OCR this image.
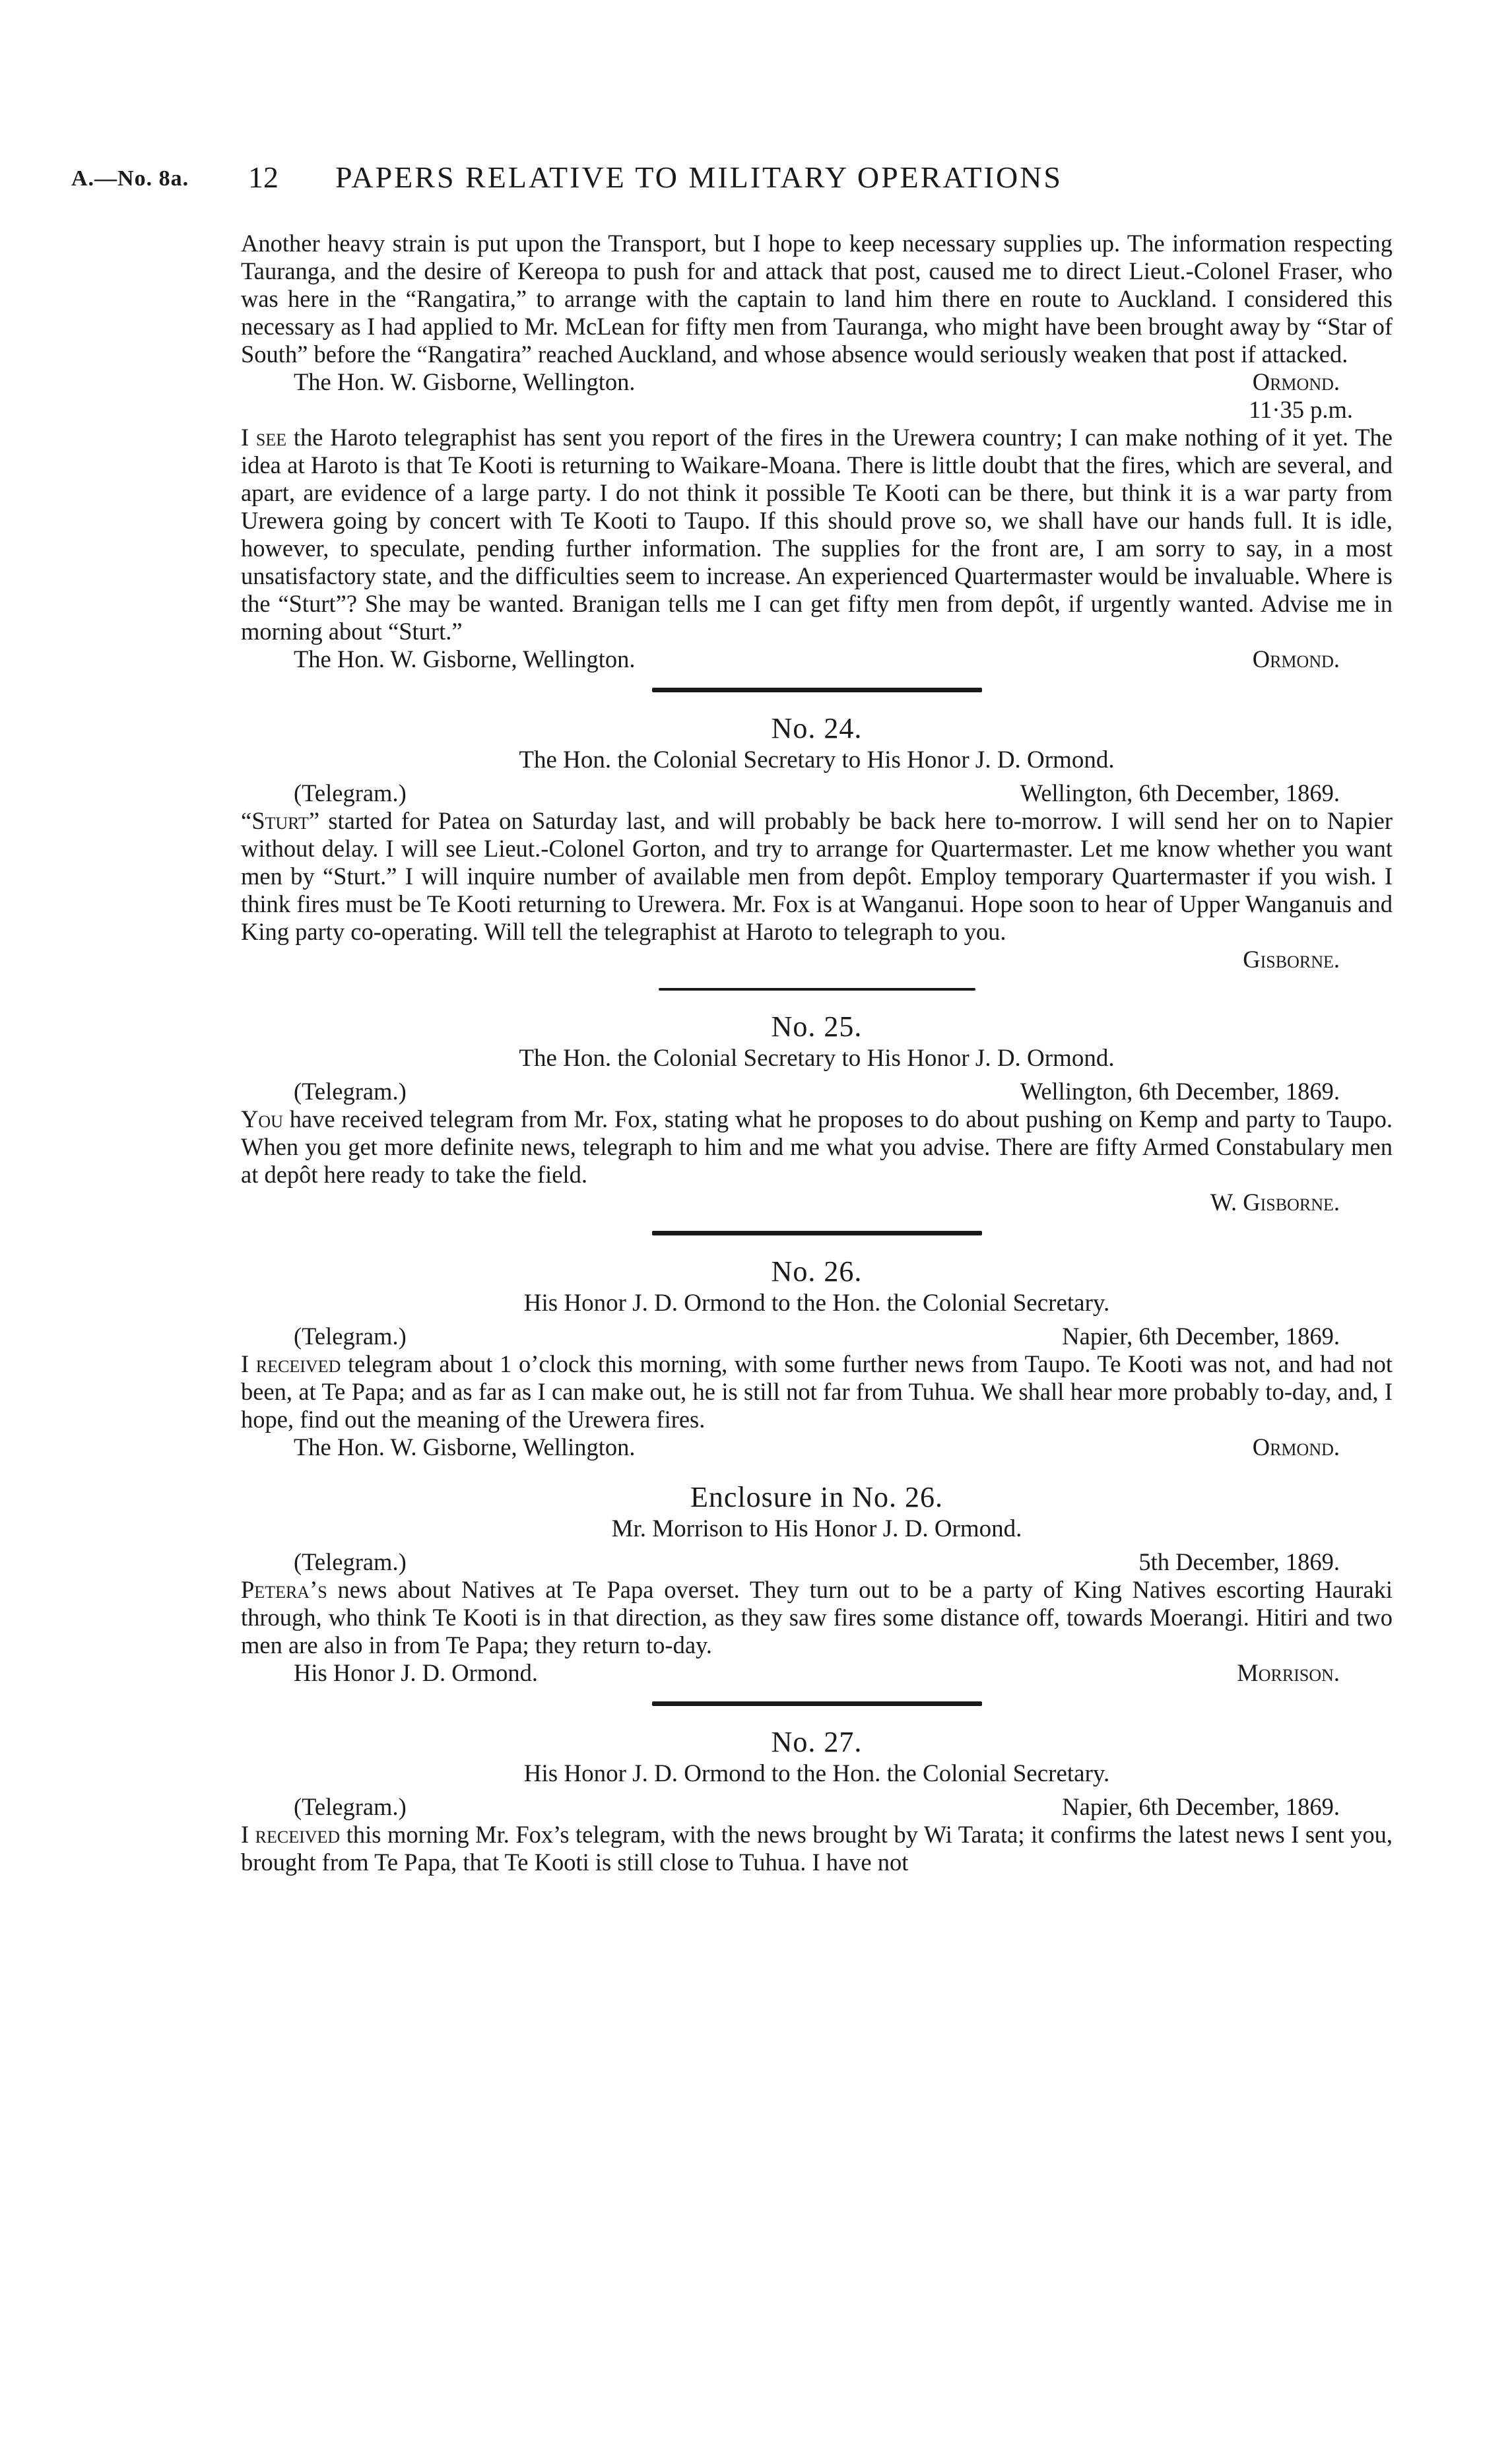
A.—No. 8a. 12 PAPERS RELATIVE TO MILITARY OPERATIONS

Another heavy strain is put upon the Transport, but I hope to keep necessary supplies up. The information respecting Tauranga, and the desire of Kereopa to push for and attack that post, caused me to direct Lieut.-Colonel Fraser, who was here in the “Rangatira,” to arrange with the captain to land him there en route to Auckland. I considered this necessary as I had applied to Mr. McLean for fifty men from Tauranga, who might have been brought away by “Star of South” before the “Rangatira” reached Auckland, and whose absence would seriously weaken that post if attacked.

The Hon. W. Gisborne, Wellington.	Ormond.
11·35 p.m.

I see the Haroto telegraphist has sent you report of the fires in the Urewera country; I can make nothing of it yet. The idea at Haroto is that Te Kooti is returning to Waikare-Moana. There is little doubt that the fires, which are several, and apart, are evidence of a large party. I do not think it possible Te Kooti can be there, but think it is a war party from Urewera going by concert with Te Kooti to Taupo. If this should prove so, we shall have our hands full. It is idle, however, to speculate, pending further information. The supplies for the front are, I am sorry to say, in a most unsatisfactory state, and the difficulties seem to increase. An experienced Quartermaster would be invaluable. Where is the “Sturt”? She may be wanted. Branigan tells me I can get fifty men from depôt, if urgently wanted. Advise me in morning about “Sturt.”

The Hon. W. Gisborne, Wellington.	Ormond.
No. 24.
The Hon. the Colonial Secretary to His Honor J. D. Ormond.
(Telegram.)	Wellington, 6th December, 1869.

“Sturt” started for Patea on Saturday last, and will probably be back here to-morrow. I will send her on to Napier without delay. I will see Lieut.-Colonel Gorton, and try to arrange for Quartermaster. Let me know whether you want men by “Sturt.” I will inquire number of available men from depôt. Employ temporary Quartermaster if you wish. I think fires must be Te Kooti returning to Urewera. Mr. Fox is at Wanganui. Hope soon to hear of Upper Wanganuis and King party co-operating. Will tell the telegraphist at Haroto to telegraph to you.

Gisborne.
No. 25.
The Hon. the Colonial Secretary to His Honor J. D. Ormond.
(Telegram.)	Wellington, 6th December, 1869.

You have received telegram from Mr. Fox, stating what he proposes to do about pushing on Kemp and party to Taupo. When you get more definite news, telegraph to him and me what you advise. There are fifty Armed Constabulary men at depôt here ready to take the field.

W. Gisborne.
No. 26.
His Honor J. D. Ormond to the Hon. the Colonial Secretary.
(Telegram.)	Napier, 6th December, 1869.

I received telegram about 1 o’clock this morning, with some further news from Taupo. Te Kooti was not, and had not been, at Te Papa; and as far as I can make out, he is still not far from Tuhua. We shall hear more probably to-day, and, I hope, find out the meaning of the Urewera fires.

The Hon. W. Gisborne, Wellington.	Ormond.
Enclosure in No. 26.
Mr. Morrison to His Honor J. D. Ormond.
(Telegram.)	5th December, 1869.

Petera’s news about Natives at Te Papa overset. They turn out to be a party of King Natives escorting Hauraki through, who think Te Kooti is in that direction, as they saw fires some distance off, towards Moerangi. Hitiri and two men are also in from Te Papa; they return to-day.

His Honor J. D. Ormond.	Morrison.
No. 27.
His Honor J. D. Ormond to the Hon. the Colonial Secretary.
(Telegram.)	Napier, 6th December, 1869.

I received this morning Mr. Fox’s telegram, with the news brought by Wi Tarata; it confirms the latest news I sent you, brought from Te Papa, that Te Kooti is still close to Tuhua. I have not
